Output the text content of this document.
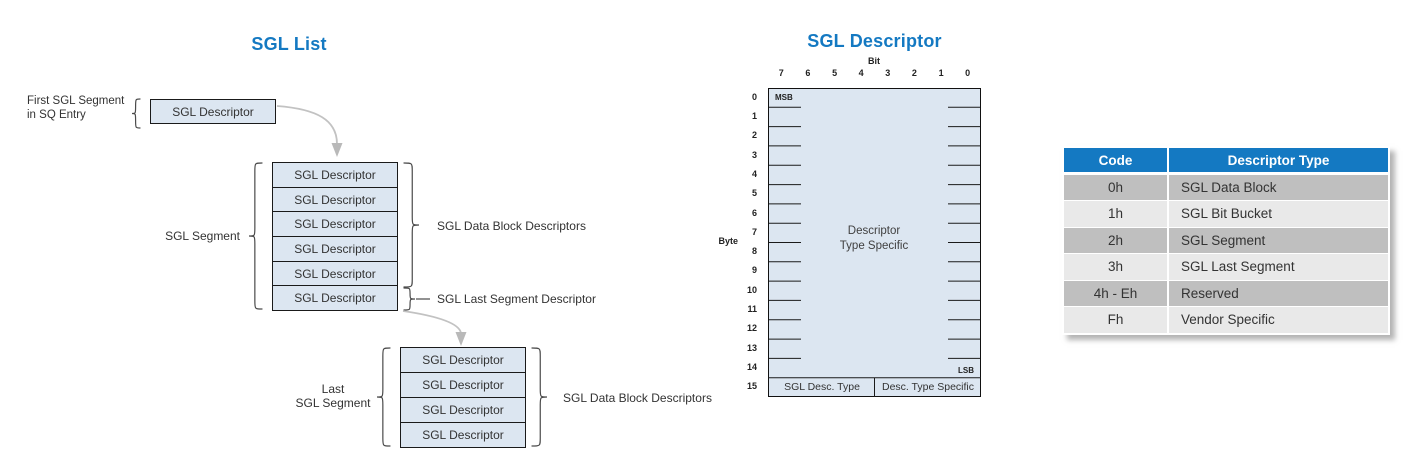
SGL List
First SGL Segment
in SQ Entry	SGL Descriptor
SGL Descriptor
SGL Descriptor
SGL Descriptor
SGL Descriptor
SGL Descriptor
SGL Descriptor
SGL Descriptor
SGL Descriptor
SGL Descriptor
SGL Descriptor
SGL Segment
SGL Data Block Descriptors
SGL Last Segment Descriptor
Last
SGL Segment	SGL Data Block Descriptors
SGL Descriptor
Bit
7	6	5	4	3	2	1	0
MSB
LSB
Descriptor
Type Specific
SGL Desc. Type	Desc. Type Specific
Byte
0
1
2
3
4
5
6
7
8
9
10
11
12
13
14
15
Code	Descriptor Type
0h	SGL Data Block
1h	SGL Bit Bucket
2h	SGL Segment
3h	SGL Last Segment
4h - Eh	Reserved
Fh	Vendor Specific
